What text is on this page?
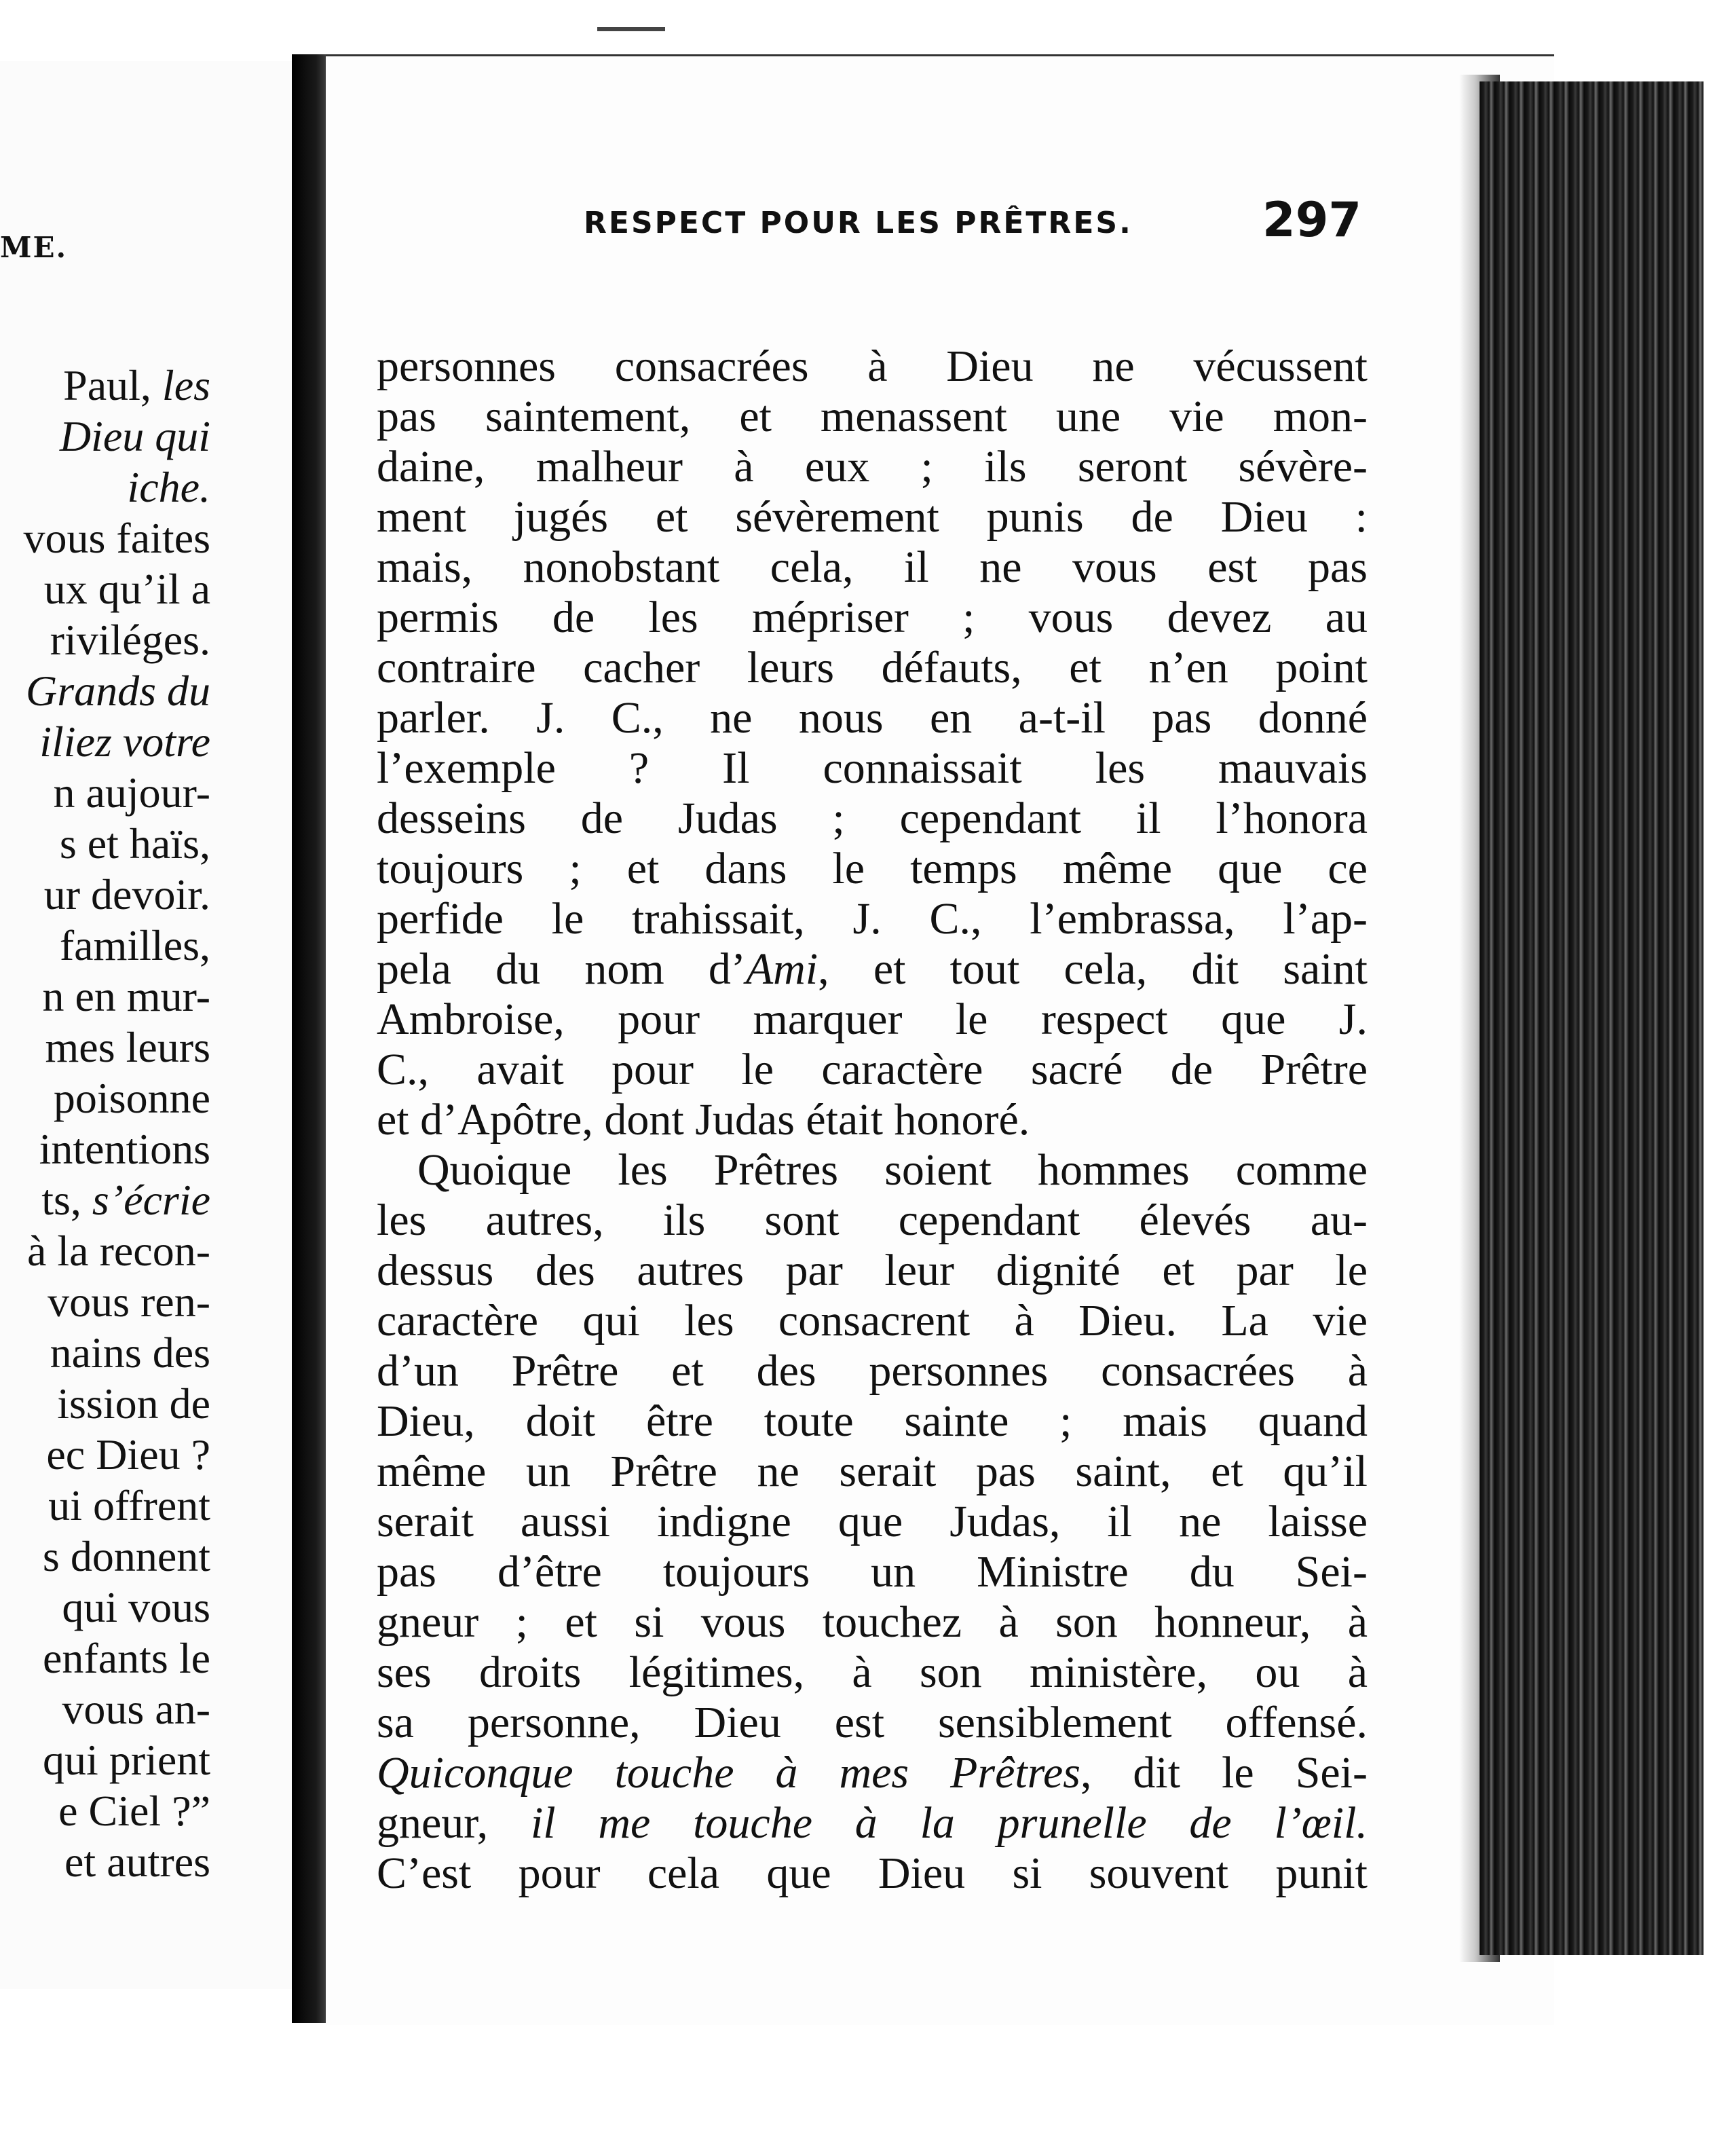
ME.
Paul, les
Dieu qui
iche.
vous faites
ux qu’il a
riviléges.
Grands du
iliez votre
n aujour-
s et haïs,
ur devoir.
familles,
n en mur-
mes leurs
poisonne
intentions
ts, s’écrie
à la recon-
vous ren-
nains des
ission de
ec Dieu ?
ui offrent
s donnent
qui vous
enfants le
vous an-
qui prient
e Ciel ?”
et autres
RESPECT POUR LES PRÊTRES.	297
personnes consacrées à Dieu ne vécussent
pas saintement, et menassent une vie mon-
daine, malheur à eux ; ils seront sévère-
ment jugés et sévèrement punis de Dieu :
mais, nonobstant cela, il ne vous est pas
permis de les mépriser ; vous devez au
contraire cacher leurs défauts, et n’en point
parler. J. C., ne nous en a-t-il pas donné
l’exemple ? Il connaissait les mauvais
desseins de Judas ; cependant il l’honora
toujours ; et dans le temps même que ce
perfide le trahissait, J. C., l’embrassa, l’ap-
pela du nom d’Ami, et tout cela, dit saint
Ambroise, pour marquer le respect que J.
C., avait pour le caractère sacré de Prêtre
et d’Apôtre, dont Judas était honoré.
Quoique les Prêtres soient hommes comme
les autres, ils sont cependant élevés au-
dessus des autres par leur dignité et par le
caractère qui les consacrent à Dieu. La vie
d’un Prêtre et des personnes consacrées à
Dieu, doit être toute sainte ; mais quand
même un Prêtre ne serait pas saint, et qu’il
serait aussi indigne que Judas, il ne laisse
pas d’être toujours un Ministre du Sei-
gneur ; et si vous touchez à son honneur, à
ses droits légitimes, à son ministère, ou à
sa personne, Dieu est sensiblement offensé.
Quiconque touche à mes Prêtres, dit le Sei-
gneur, il me touche à la prunelle de l’œil.
C’est pour cela que Dieu si souvent punit
